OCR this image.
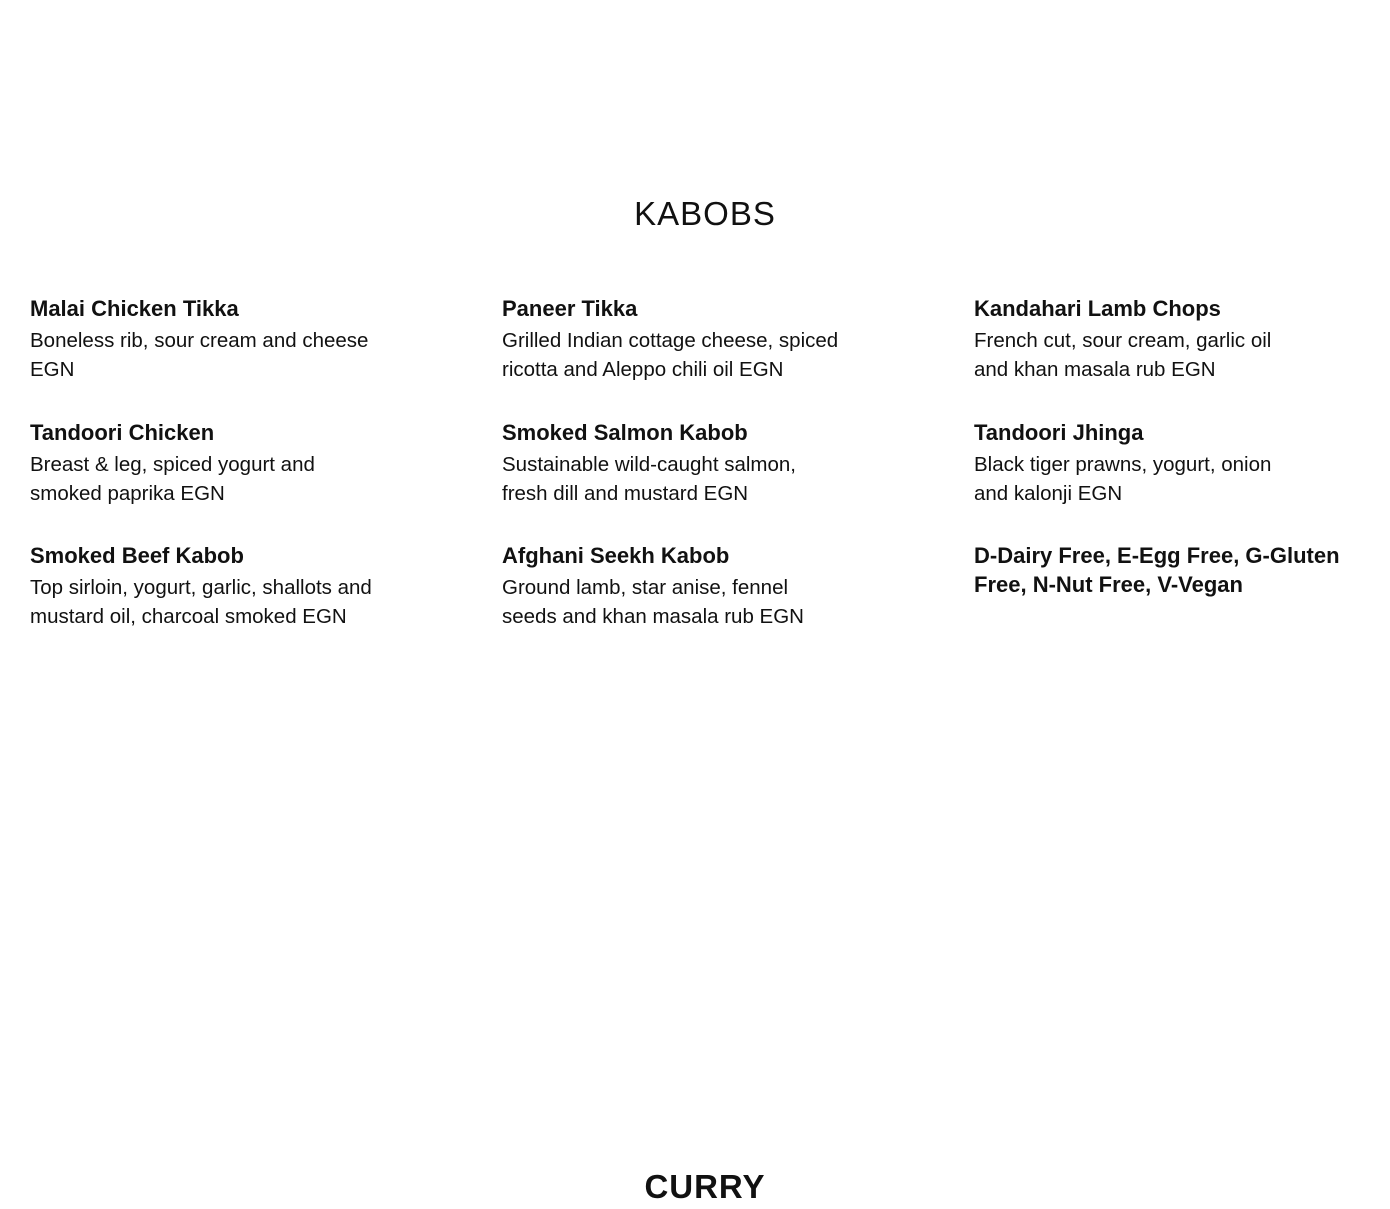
KABOBS
Malai Chicken Tikka

Boneless rib, sour cream and cheese EGN

Tandoori Chicken

Breast & leg, spiced yogurt and smoked paprika EGN

Smoked Beef Kabob

Top sirloin, yogurt, garlic, shallots and mustard oil, charcoal smoked EGN

Paneer Tikka

Grilled Indian cottage cheese, spiced ricotta and Aleppo chili oil EGN

Smoked Salmon Kabob

Sustainable wild-caught salmon, fresh dill and mustard EGN

Afghani Seekh Kabob

Ground lamb, star anise, fennel seeds and khan masala rub EGN

Kandahari Lamb Chops

French cut, sour cream, garlic oil and khan masala rub EGN

Tandoori Jhinga

Black tiger prawns, yogurt, onion and kalonji EGN

D-Dairy Free, E-Egg Free, G-Gluten Free, N-Nut Free, V-Vegan

CURRY
